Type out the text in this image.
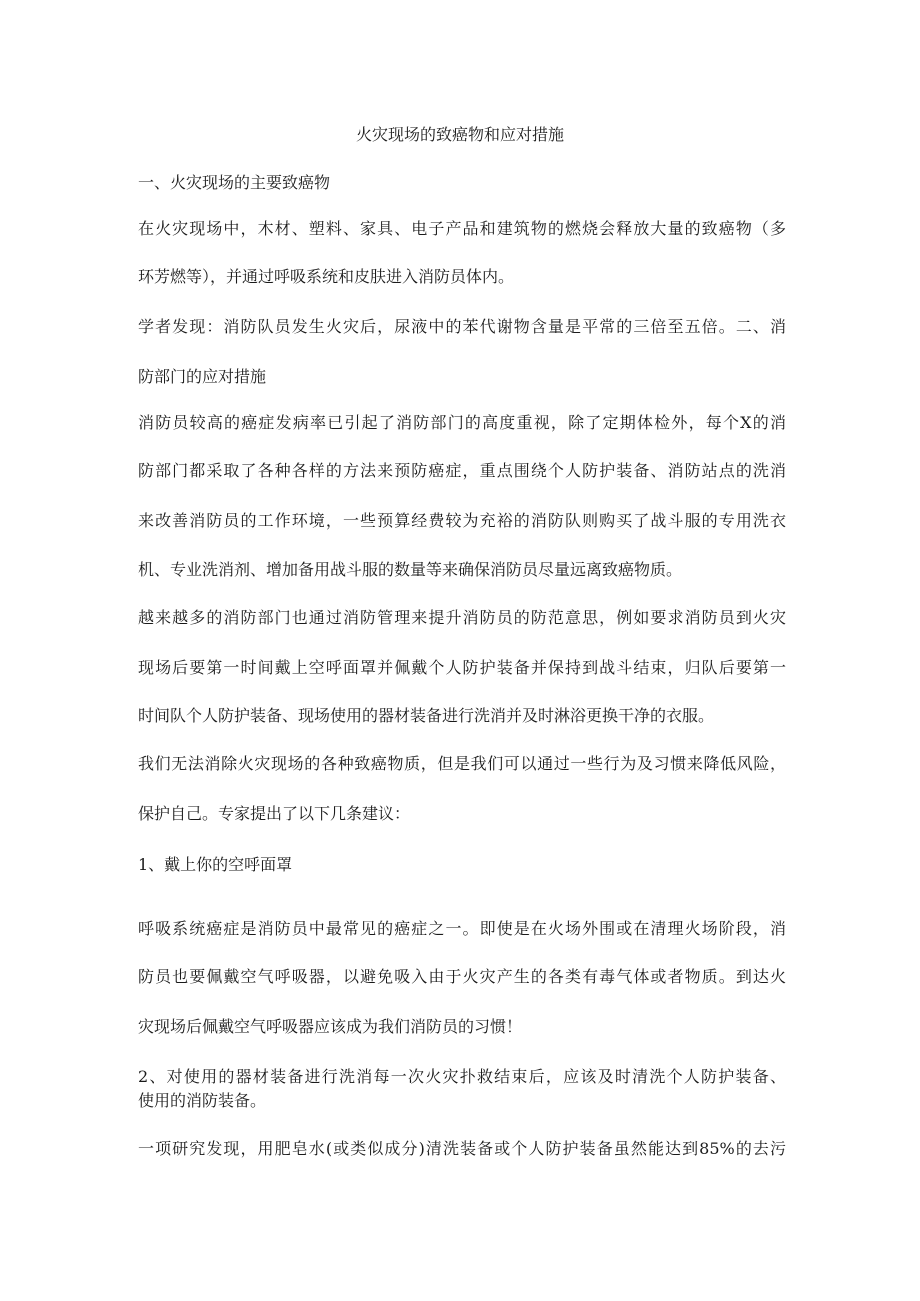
火灾现场的致癌物和应对措施
一、火灾现场的主要致癌物
在火灾现场中，木材、塑料、家具、电子产品和建筑物的燃烧会释放大量的致癌物（多
环芳燃等），并通过呼吸系统和皮肤进入消防员体内。
学者发现：消防队员发生火灾后，尿液中的苯代谢物含量是平常的三倍至五倍。二、消
防部门的应对措施
消防员较高的癌症发病率已引起了消防部门的高度重视，除了定期体检外，每个X的消
防部门都采取了各种各样的方法来预防癌症，重点围绕个人防护装备、消防站点的洗消
来改善消防员的工作环境，一些预算经费较为充裕的消防队则购买了战斗服的专用洗衣
机、专业洗消剂、增加备用战斗服的数量等来确保消防员尽量远离致癌物质。
越来越多的消防部门也通过消防管理来提升消防员的防范意思，例如要求消防员到火灾
现场后要第一时间戴上空呼面罩并佩戴个人防护装备并保持到战斗结束，归队后要第一
时间队个人防护装备、现场使用的器材装备进行洗消并及时淋浴更换干净的衣服。
我们无法消除火灾现场的各种致癌物质，但是我们可以通过一些行为及习惯来降低风险，
保护自己。专家提出了以下几条建议：
1、戴上你的空呼面罩
呼吸系统癌症是消防员中最常见的癌症之一。即使是在火场外围或在清理火场阶段，消
防员也要佩戴空气呼吸器，以避免吸入由于火灾产生的各类有毒气体或者物质。到达火
灾现场后佩戴空气呼吸器应该成为我们消防员的习惯！
2、对使用的器材装备进行洗消每一次火灾扑救结束后，应该及时清洗个人防护装备、
使用的消防装备。
一项研究发现，用肥皂水(或类似成分)清洗装备或个人防护装备虽然能达到85%的去污
